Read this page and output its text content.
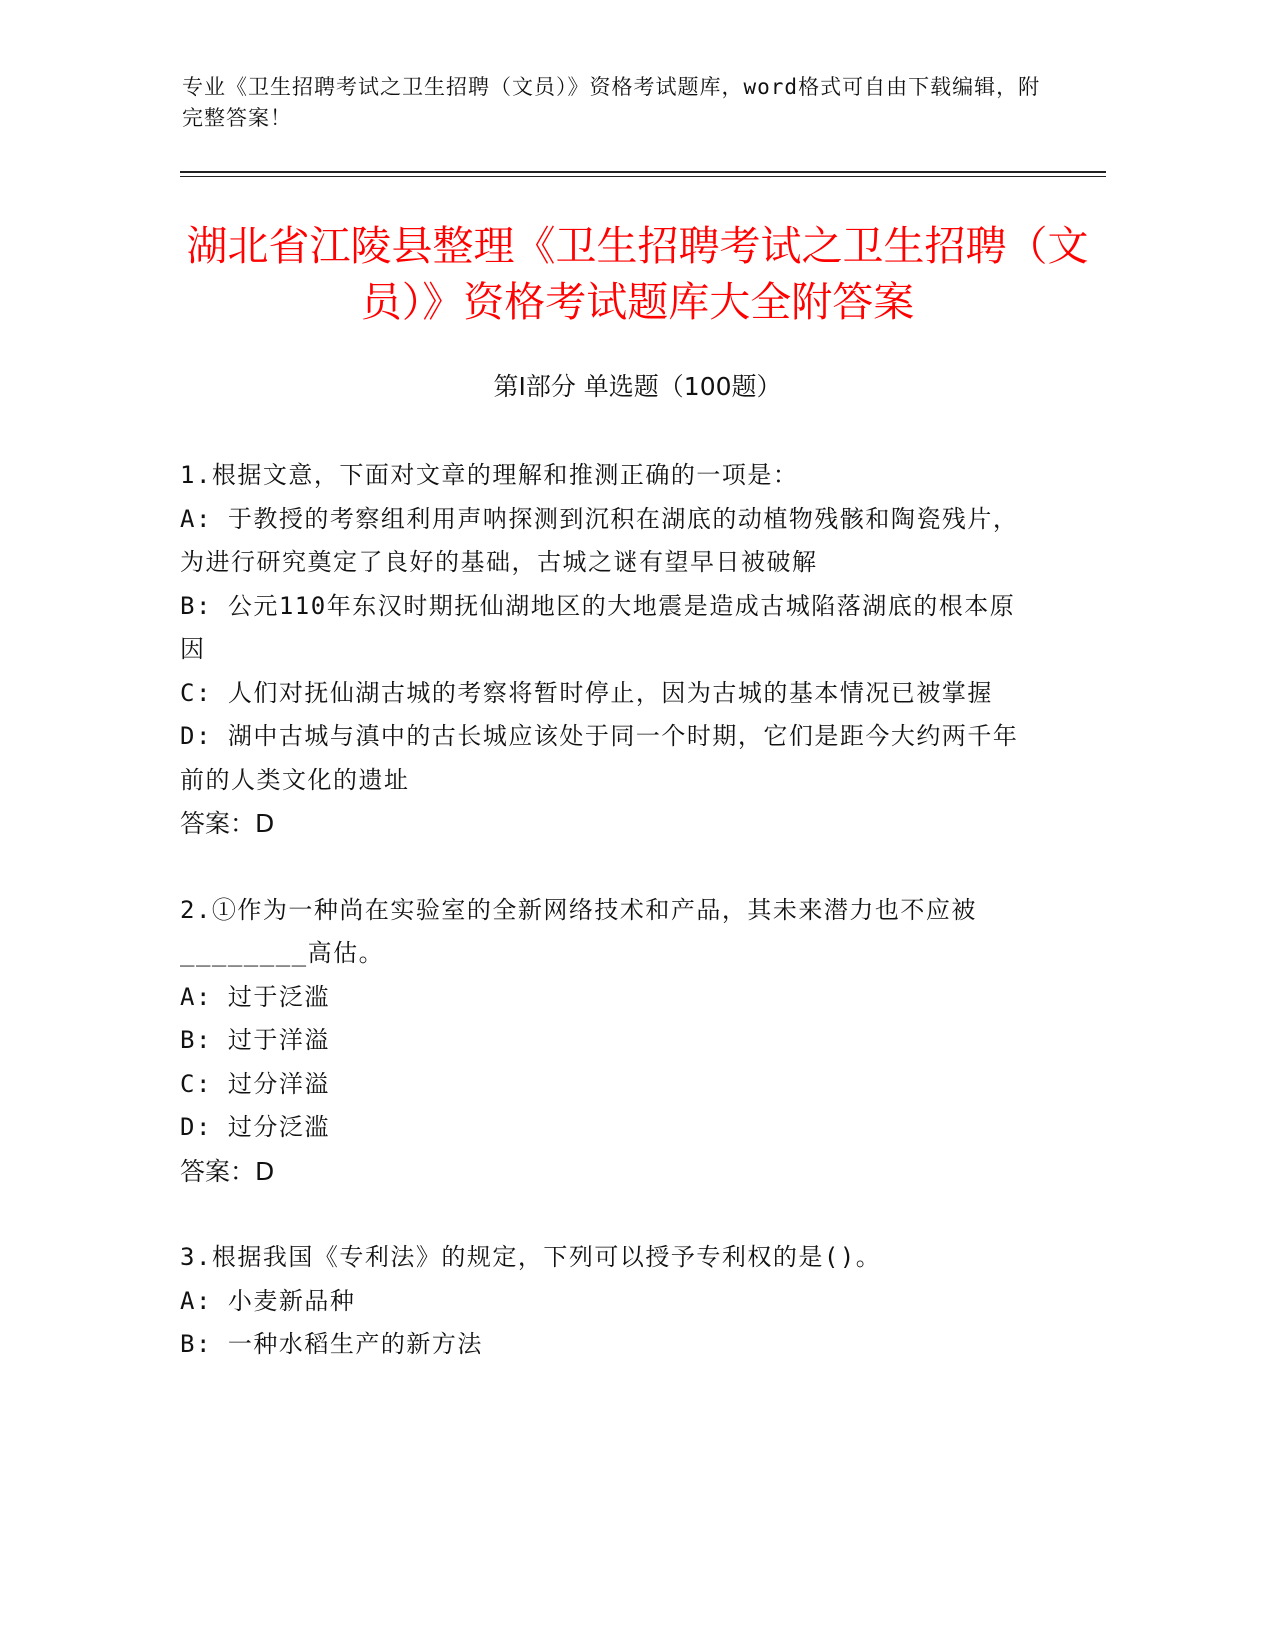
专业《卫生招聘考试之卫生招聘（文员）》资格考试题库，word格式可自由下载编辑，附完整答案！
湖北省江陵县整理《卫生招聘考试之卫生招聘（文员）》资格考试题库大全附答案
第Ⅰ部分 单选题（100题）

1.根据文意，下面对文章的理解和推测正确的一项是：

A: 于教授的考察组利用声呐探测到沉积在湖底的动植物残骸和陶瓷残片，为进行研究奠定了良好的基础，古城之谜有望早日被破解

B: 公元110年东汉时期抚仙湖地区的大地震是造成古城陷落湖底的根本原因

C: 人们对抚仙湖古城的考察将暂时停止，因为古城的基本情况已被掌握

D: 湖中古城与滇中的古长城应该处于同一个时期，它们是距今大约两千年前的人类文化的遗址

答案：D

2.①作为一种尚在实验室的全新网络技术和产品，其未来潜力也不应被________高估。

A: 过于泛滥

B: 过于洋溢

C: 过分洋溢

D: 过分泛滥

答案：D

3.根据我国《专利法》的规定，下列可以授予专利权的是()。

A: 小麦新品种

B: 一种水稻生产的新方法
